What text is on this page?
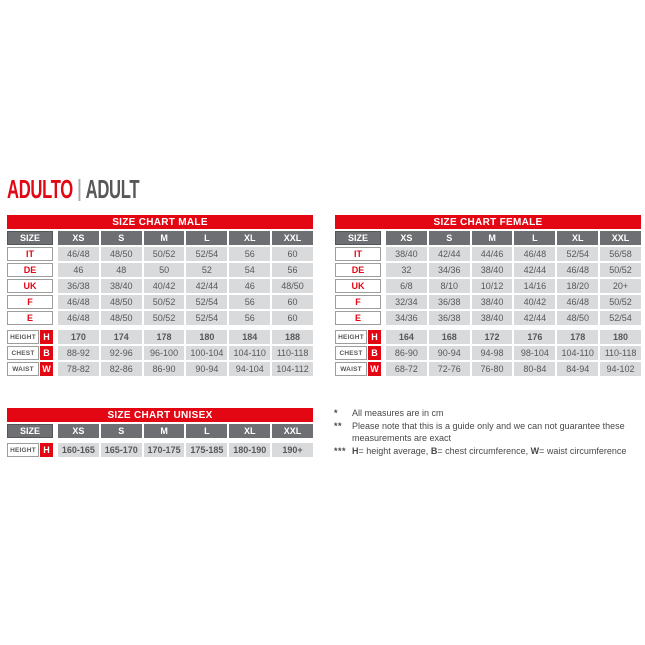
ADULTO | ADULT
SIZE CHART MALE
SIZE	XS	S	M	L	XL	XXL
IT	46/48	48/50	50/52	52/54	56	60
DE	46	48	50	52	54	56
UK	36/38	38/40	40/42	42/44	46	48/50
F	46/48	48/50	50/52	52/54	56	60
E	46/48	48/50	50/52	52/54	56	60
HEIGHT H	170	174	178	180	184	188
CHEST B	88-92	92-96	96-100	100-104	104-110	110-118
WAIST W	78-82	82-86	86-90	90-94	94-104	104-112
SIZE CHART FEMALE
SIZE	XS	S	M	L	XL	XXL
IT	38/40	42/44	44/46	46/48	52/54	56/58
DE	32	34/36	38/40	42/44	46/48	50/52
UK	6/8	8/10	10/12	14/16	18/20	20+
F	32/34	36/38	38/40	40/42	46/48	50/52
E	34/36	36/38	38/40	42/44	48/50	52/54
HEIGHT H	164	168	172	176	178	180
CHEST B	86-90	90-94	94-98	98-104	104-110	110-118
WAIST W	68-72	72-76	76-80	80-84	84-94	94-102
SIZE CHART UNISEX
SIZE	XS	S	M	L	XL	XXL
HEIGHT H	160-165	165-170	170-175	175-185	180-190	190+
*	All measures are in cm
**	Please note that this is a guide only and we can not guarantee these measurements are exact
*** H= height average, B= chest circumference, W= waist circumference
